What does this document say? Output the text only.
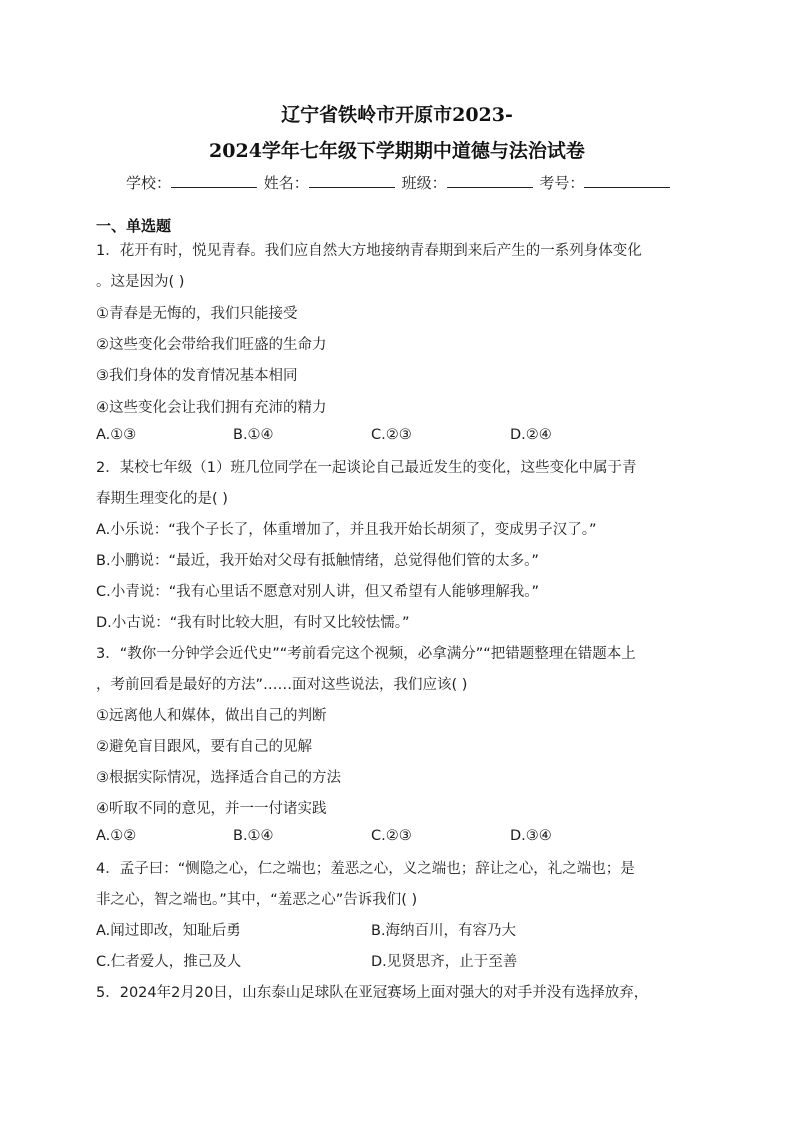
辽宁省铁岭市开原市2023-
2024学年七年级下学期期中道德与法治试卷
学校：	姓名：	班级：	考号：
一、单选题
1．花开有时，悦见青春。我们应自然大方地接纳青春期到来后产生的一系列身体变化
。这是因为( )
①青春是无悔的，我们只能接受
②这些变化会带给我们旺盛的生命力
③我们身体的发育情况基本相同
④这些变化会让我们拥有充沛的精力
A.①③	B.①④	C.②③	D.②④
2．某校七年级（1）班几位同学在一起谈论自己最近发生的变化，这些变化中属于青
春期生理变化的是( )
A.小乐说：“我个子长了，体重增加了，并且我开始长胡须了，变成男子汉了。”
B.小鹏说：“最近，我开始对父母有抵触情绪，总觉得他们管的太多。”
C.小青说：“我有心里话不愿意对别人讲，但又希望有人能够理解我。”
D.小古说：“我有时比较大胆，有时又比较怯懦。”
3．“教你一分钟学会近代史”“考前看完这个视频，必拿满分”“把错题整理在错题本上
，考前回看是最好的方法”……面对这些说法，我们应该( )
①远离他人和媒体，做出自己的判断
②避免盲目跟风，要有自己的见解
③根据实际情况，选择适合自己的方法
④听取不同的意见，并一一付诸实践
A.①②	B.①④	C.②③	D.③④
4．孟子曰：“恻隐之心，仁之端也；羞恶之心，义之端也；辞让之心，礼之端也；是
非之心，智之端也。”其中，“羞恶之心”告诉我们( )
A.闻过即改，知耻后勇	B.海纳百川，有容乃大
C.仁者爱人，推己及人	D.见贤思齐，止于至善
5．2024年2月20日，山东泰山足球队在亚冠赛场上面对强大的对手并没有选择放弃，
